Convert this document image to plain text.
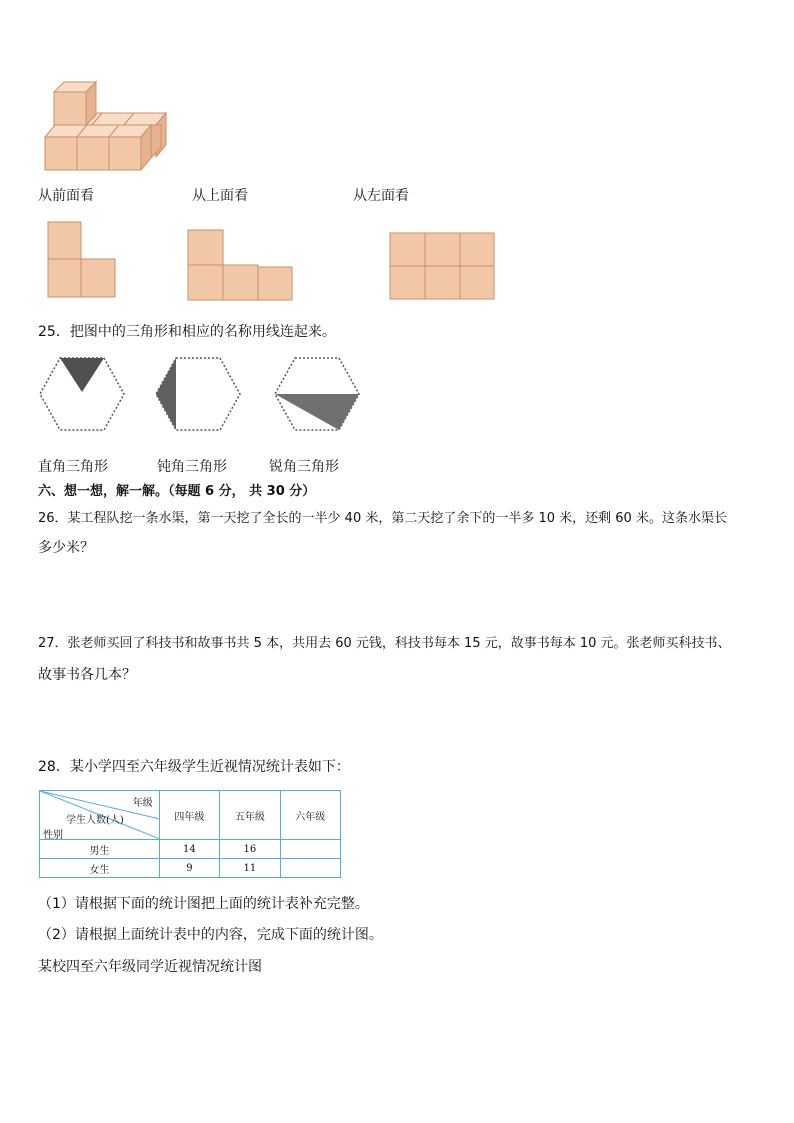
从前面看	从上面看	从左面看
25．把图中的三角形和相应的名称用线连起来。
直角三角形	钝角三角形	锐角三角形
六、想一想，解一解。（每题 6 分， 共 30 分）
26．某工程队挖一条水渠，第一天挖了全长的一半少 40 米，第二天挖了余下的一半多 10 米，还剩 60 米。这条水渠长
多少米？
27．张老师买回了科技书和故事书共 5 本，共用去 60 元钱，科技书每本 15 元，故事书每本 10 元。张老师买科技书、
故事书各几本？
28．某小学四至六年级学生近视情况统计表如下：
年级
学生人数(人)
性别	四年级	五年级	六年级
男生	14	16	
女生	9	11	
（1）请根据下面的统计图把上面的统计表补充完整。
（2）请根据上面统计表中的内容，完成下面的统计图。
某校四至六年级同学近视情况统计图
